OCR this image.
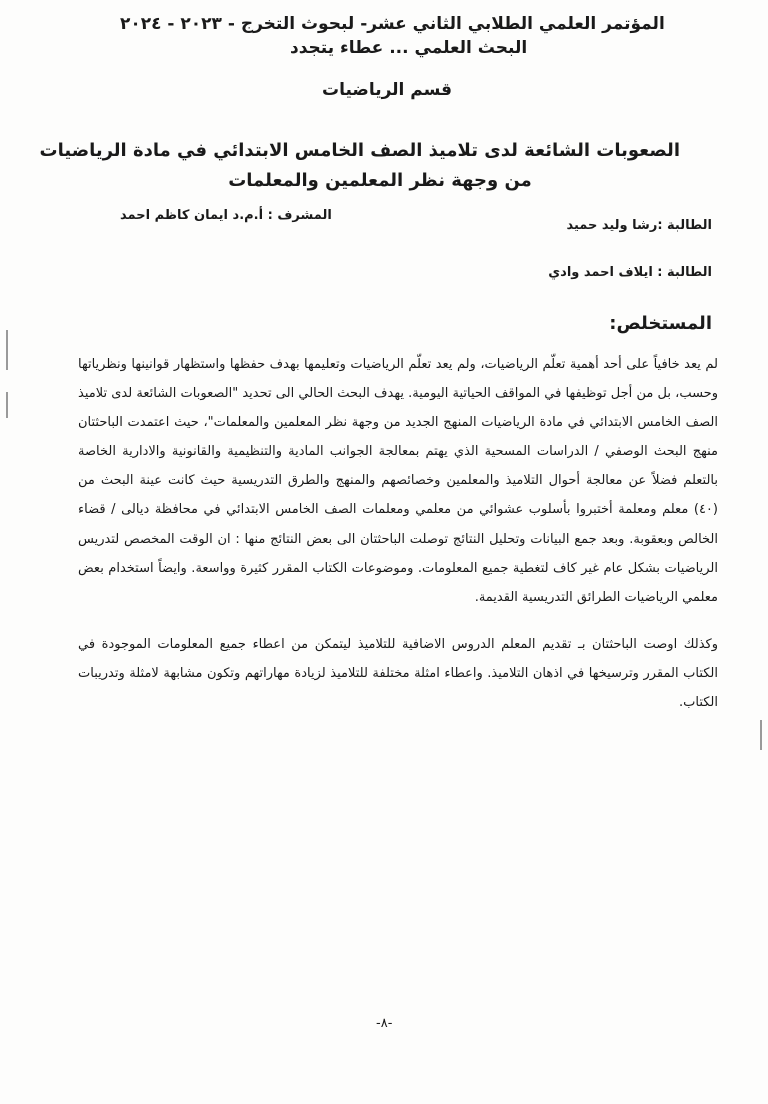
المؤتمر العلمي الطلابي الثاني عشر- لبحوث التخرج - ٢٠٢٣ - ٢٠٢٤
البحث العلمي ... عطاء يتجدد
قسم الرياضيات
الصعوبات الشائعة لدى تلاميذ الصف الخامس الابتدائي في مادة الرياضيات
من وجهة نظر المعلمين والمعلمات
المشرف : أ.م.د ايمان كاظم احمد
الطالبة :رشا وليد حميد
الطالبة : ايلاف احمد وادي
المستخلص:

لم يعد خافياً على أحد أهمية تعلّم الرياضيات، ولم يعد تعلّم الرياضيات وتعليمها بهدف حفظها واستظهار قوانينها ونظرياتها وحسب، بل من أجل توظيفها في المواقف الحياتية اليومية. يهدف البحث الحالي الى تحديد "الصعوبات الشائعة لدى تلاميذ الصف الخامس الابتدائي في مادة الرياضيات المنهج الجديد من وجهة نظر المعلمين والمعلمات"، حيث اعتمدت الباحثتان منهج البحث الوصفي / الدراسات المسحية الذي يهتم بمعالجة الجوانب المادية والتنظيمية والقانونية والادارية الخاصة بالتعلم فضلاً عن معالجة أحوال التلاميذ والمعلمين وخصائصهم والمنهج والطرق التدريسية حيث كانت عينة البحث من (٤٠) معلم ومعلمة أختبروا بأسلوب عشوائي من معلمي ومعلمات الصف الخامس الابتدائي في محافظة ديالى / قضاء الخالص وبعقوبة. وبعد جمع البيانات وتحليل النتائج توصلت الباحثتان الى بعض النتائج منها : ان الوقت المخصص لتدريس الرياضيات بشكل عام غير كاف لتغطية جميع المعلومات. وموضوعات الكتاب المقرر كثيرة وواسعة. وايضاً استخدام بعض معلمي الرياضيات الطرائق التدريسية القديمة.

وكذلك اوصت الباحثتان بـ تقديم المعلم الدروس الاضافية للتلاميذ ليتمكن من اعطاء جميع المعلومات الموجودة في الكتاب المقرر وترسيخها في اذهان التلاميذ. واعطاء امثلة مختلفة للتلاميذ لزيادة مهاراتهم وتكون مشابهة لامثلة وتدريبات الكتاب.

-٨-
